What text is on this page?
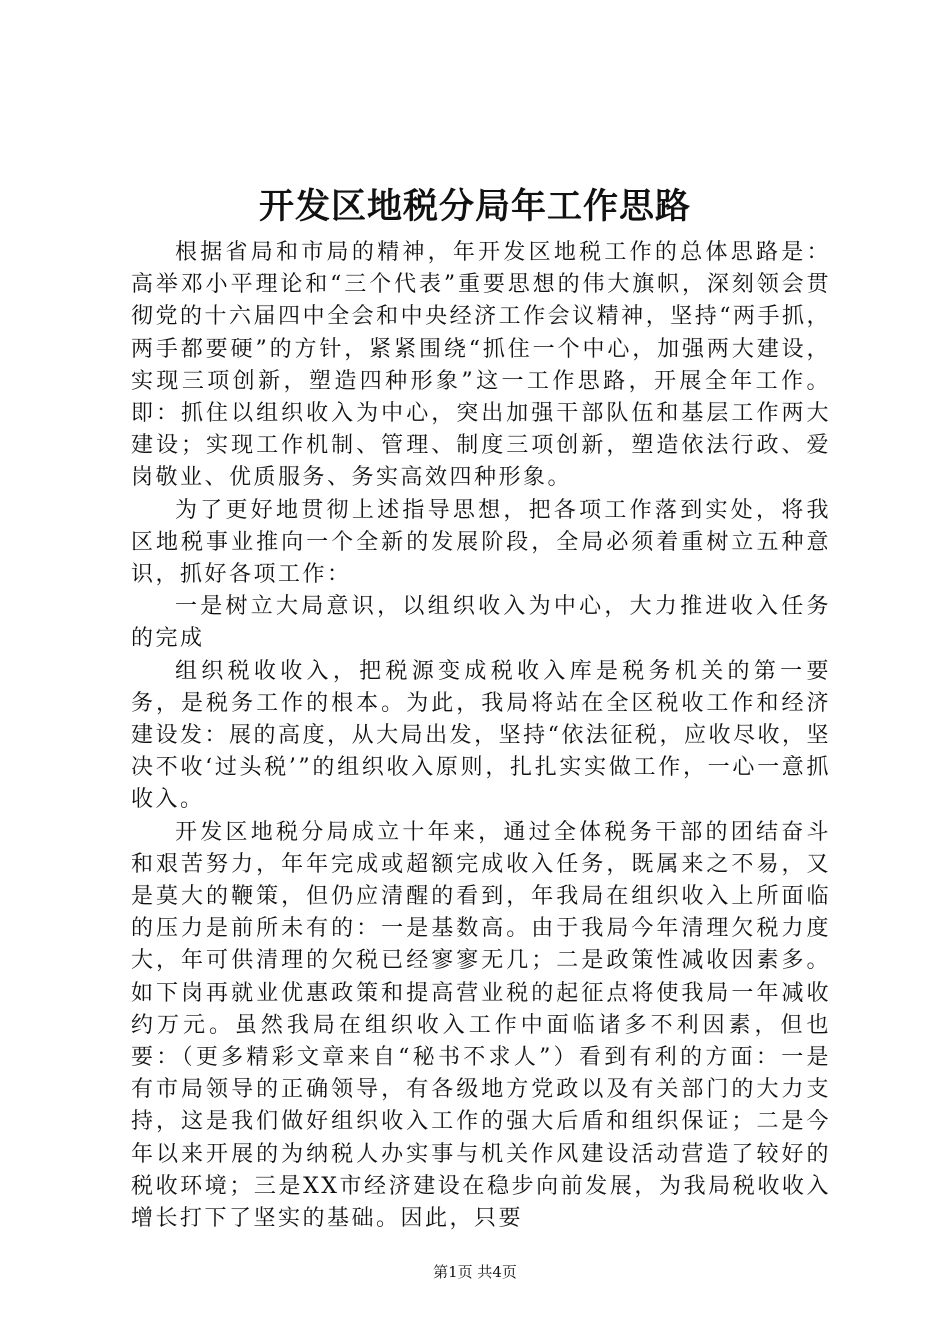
开发区地税分局年工作思路

根据省局和市局的精神，年开发区地税工作的总体思路是：高举邓小平理论和“三个代表”重要思想的伟大旗帜，深刻领会贯彻党的十六届四中全会和中央经济工作会议精神，坚持“两手抓，两手都要硬”的方针，紧紧围绕“抓住一个中心，加强两大建设，实现三项创新，塑造四种形象”这一工作思路，开展全年工作。即：抓住以组织收入为中心，突出加强干部队伍和基层工作两大建设；实现工作机制、管理、制度三项创新，塑造依法行政、爱岗敬业、优质服务、务实高效四种形象。

为了更好地贯彻上述指导思想，把各项工作落到实处，将我区地税事业推向一个全新的发展阶段，全局必须着重树立五种意识，抓好各项工作：

一是树立大局意识，以组织收入为中心，大力推进收入任务的完成

组织税收收入，把税源变成税收入库是税务机关的第一要务，是税务工作的根本。为此，我局将站在全区税收工作和经济建设发：展的高度，从大局出发，坚持“依法征税，应收尽收，坚决不收‘过头税’”的组织收入原则，扎扎实实做工作，一心一意抓收入。

开发区地税分局成立十年来，通过全体税务干部的团结奋斗和艰苦努力，年年完成或超额完成收入任务，既属来之不易，又是莫大的鞭策，但仍应清醒的看到，年我局在组织收入上所面临的压力是前所未有的：一是基数高。由于我局今年清理欠税力度大，年可供清理的欠税已经寥寥无几；二是政策性减收因素多。如下岗再就业优惠政策和提高营业税的起征点将使我局一年减收约万元。虽然我局在组织收入工作中面临诸多不利因素，但也要：（更多精彩文章来自“秘书不求人”）看到有利的方面：一是有市局领导的正确领导，有各级地方党政以及有关部门的大力支持，这是我们做好组织收入工作的强大后盾和组织保证；二是今年以来开展的为纳税人办实事与机关作风建设活动营造了较好的税收环境；三是XX市经济建设在稳步向前发展，为我局税收收入增长打下了坚实的基础。因此，只要

第1页 共4页
